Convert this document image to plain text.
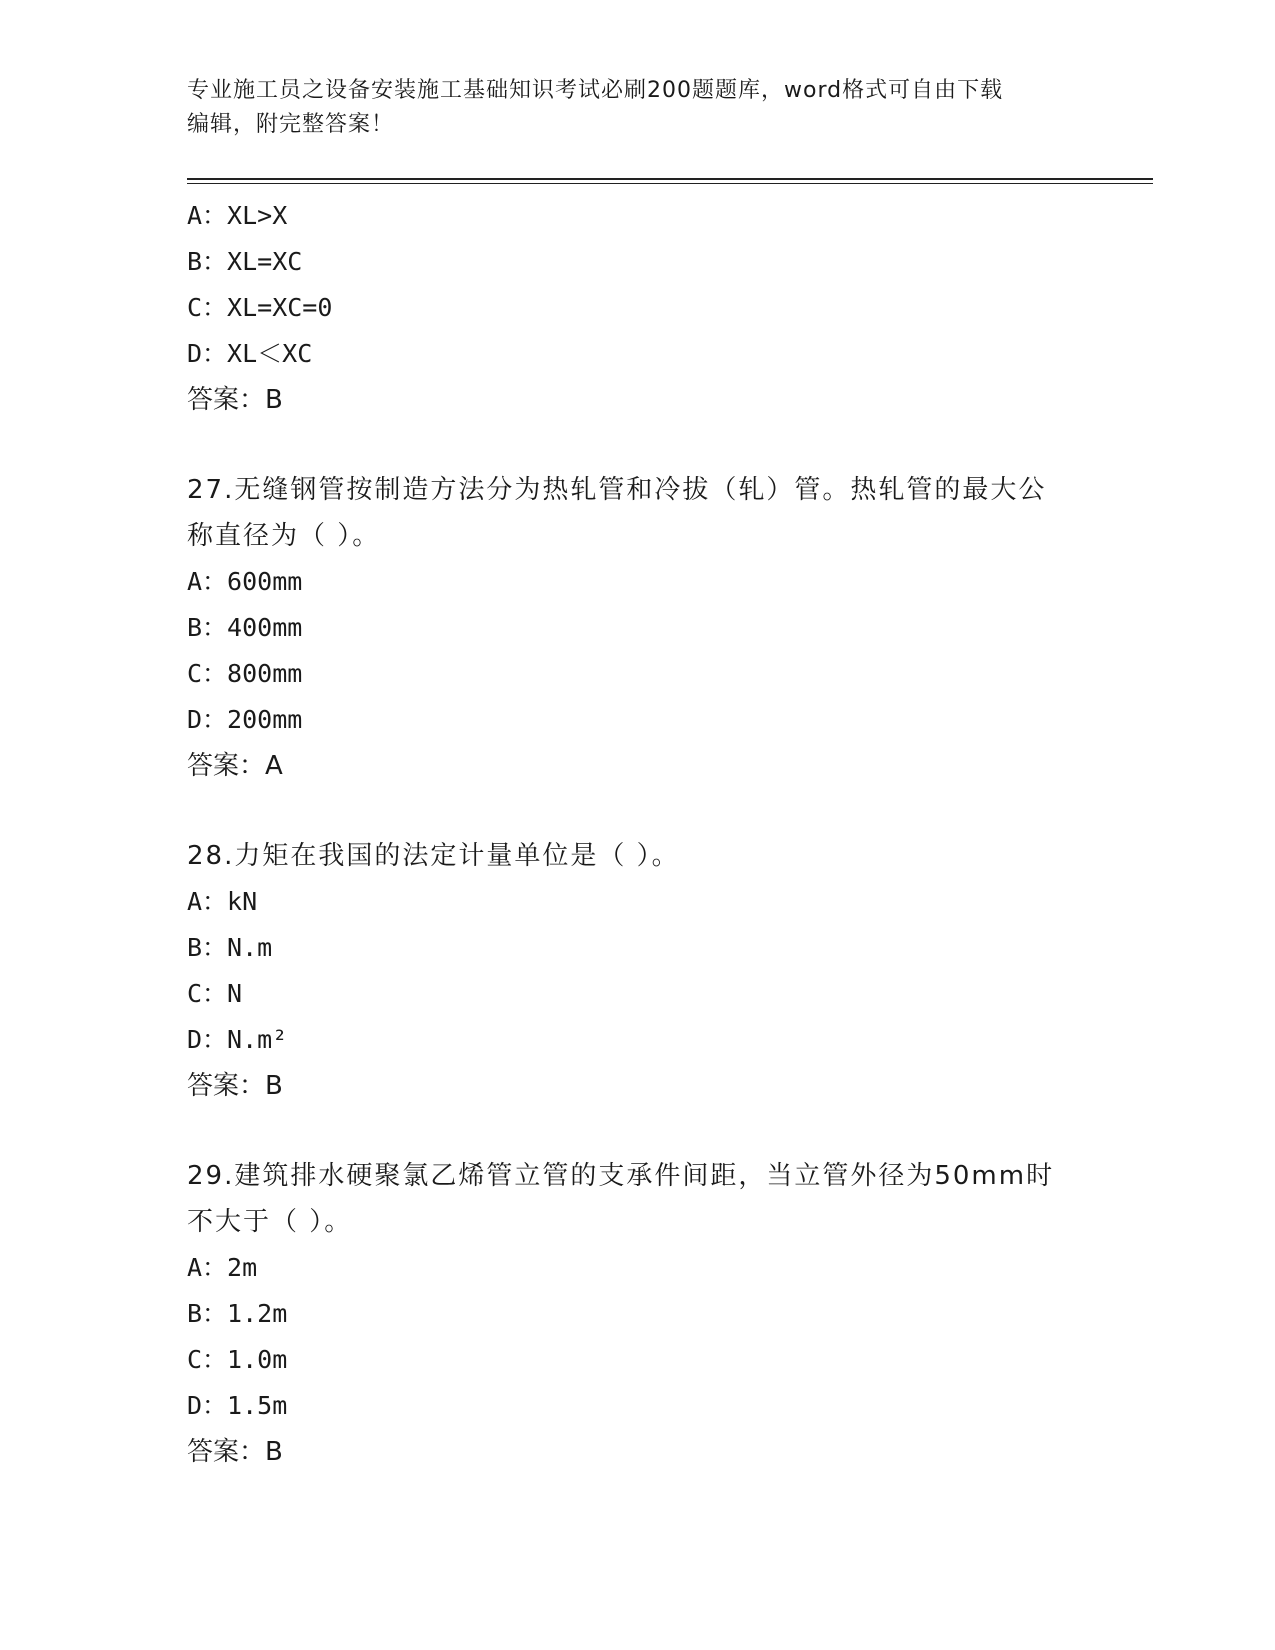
专业施工员之设备安装施工基础知识考试必刷200题题库，word格式可自由下载
编辑，附完整答案！
A：XL>X
B：XL=XC
C：XL=XC=0
D：XL＜XC
答案：B
27.无缝钢管按制造方法分为热轧管和冷拔（轧）管。热轧管的最大公
称直径为（ ）。
A：600mm
B：400mm
C：800mm
D：200mm
答案：A
28.力矩在我国的法定计量单位是（ ）。
A：kN
B：N.m
C：N
D：N.m²
答案：B
29.建筑排水硬聚氯乙烯管立管的支承件间距，当立管外径为50mm时
不大于（ ）。
A：2m
B：1.2m
C：1.0m
D：1.5m
答案：B
